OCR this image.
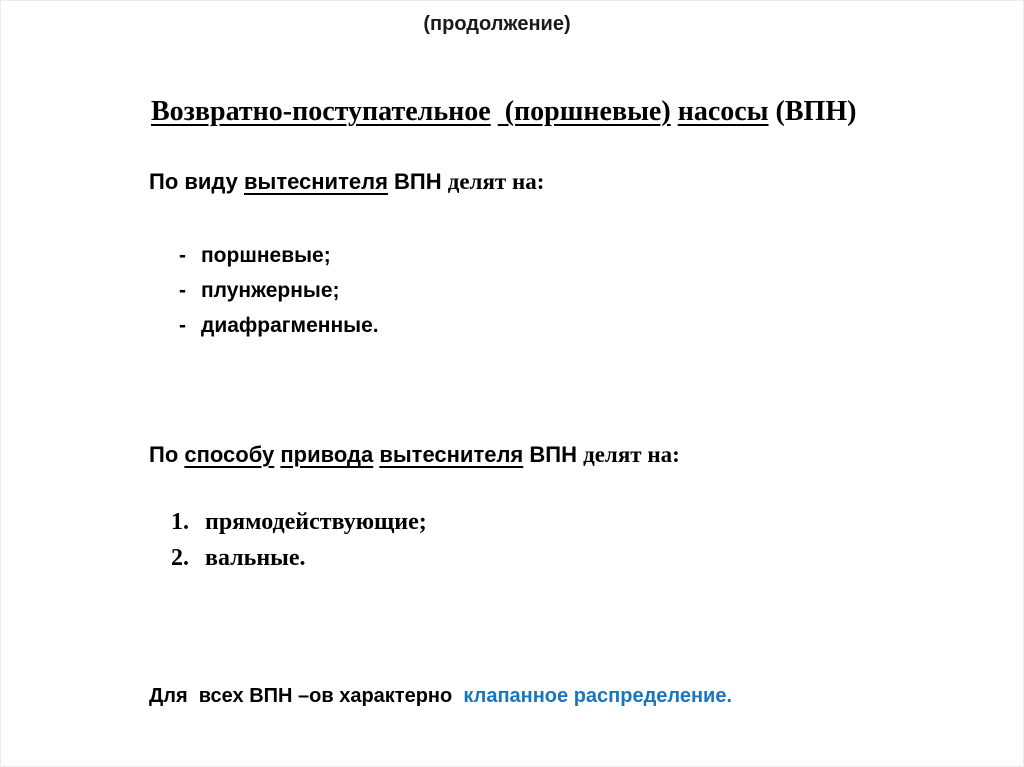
(продолжение)
Возвратно-поступательное  (поршневые) насосы (ВПН)
По виду вытеснителя ВПН делят на:
- поршневые;
- плунжерные;
- диафрагменные.
По способу привода вытеснителя ВПН делят на:
1. прямодействующие;
2. вальные.
Для  всех ВПН –ов характерно  клапанное распределение.
